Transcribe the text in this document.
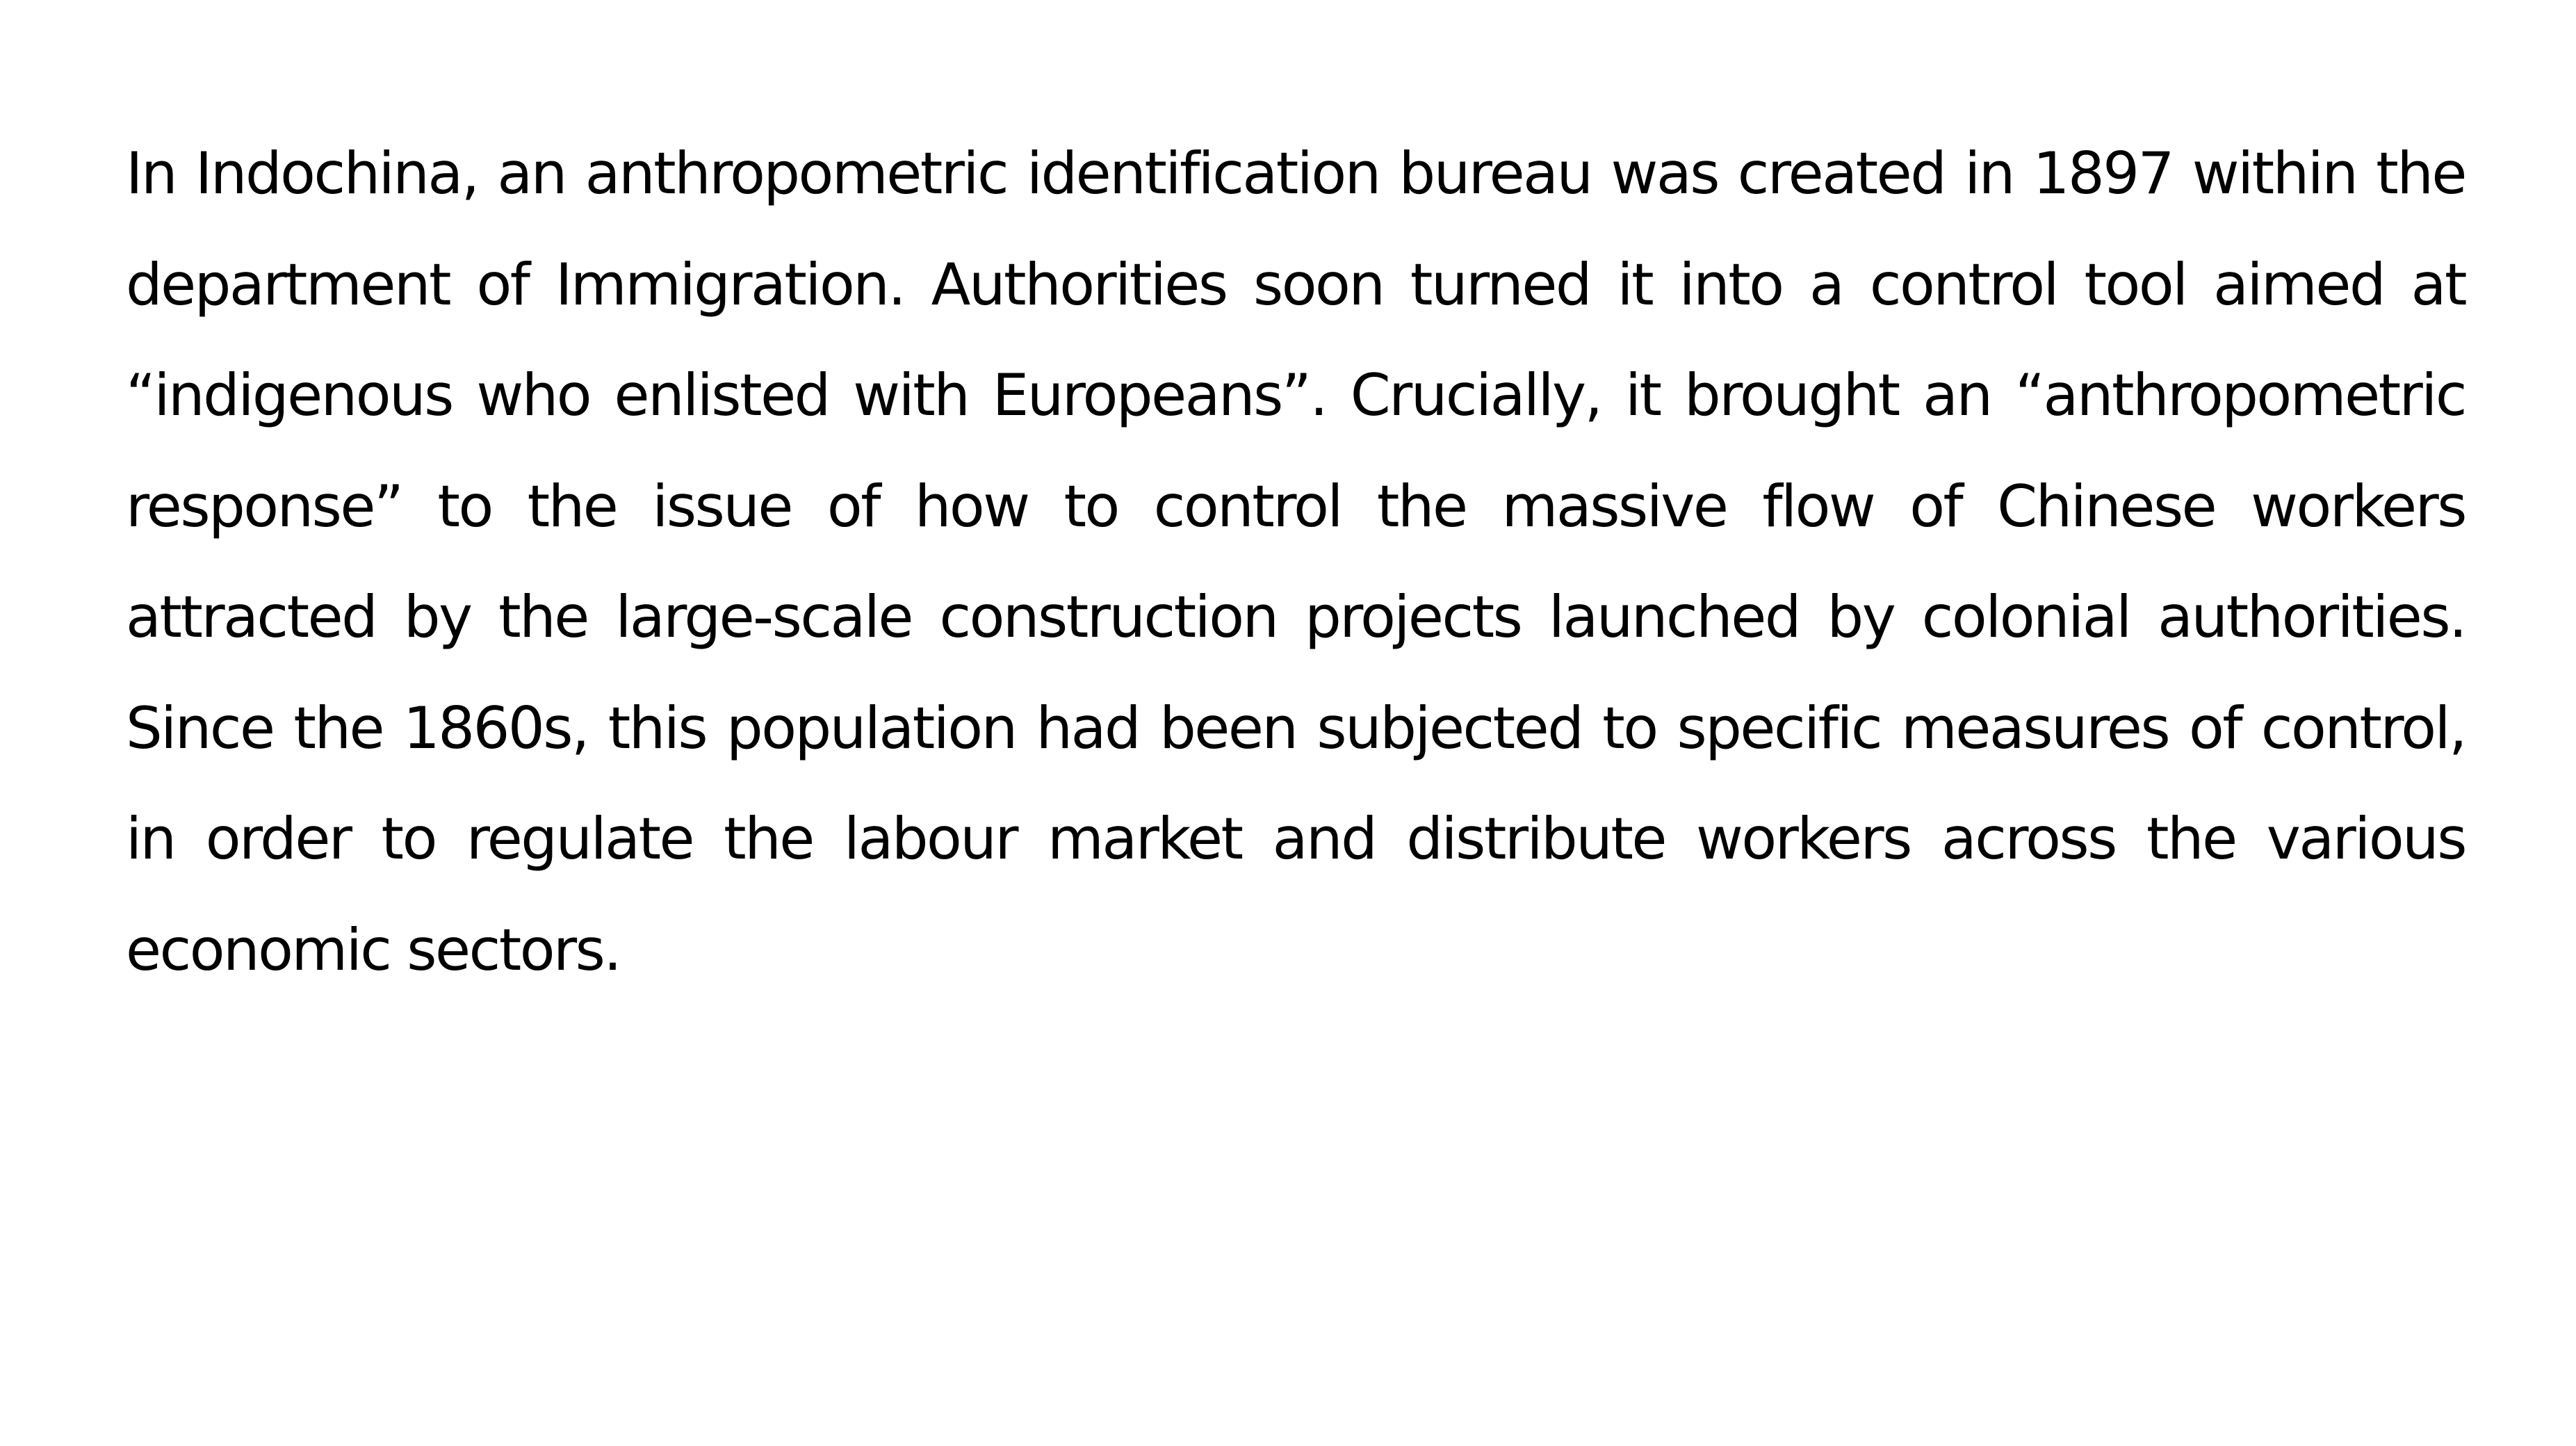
In Indochina, an anthropometric identification bureau was created in 1897 within the department of Immigration. Authorities soon turned it into a control tool aimed at “indigenous who enlisted with Europeans”. Crucially, it brought an “anthropometric response” to the issue of how to control the massive flow of Chinese workers attracted by the large-scale construction projects launched by colonial authorities. Since the 1860s, this population had been subjected to specific measures of control, in order to regulate the labour market and distribute workers across the various economic sectors.
